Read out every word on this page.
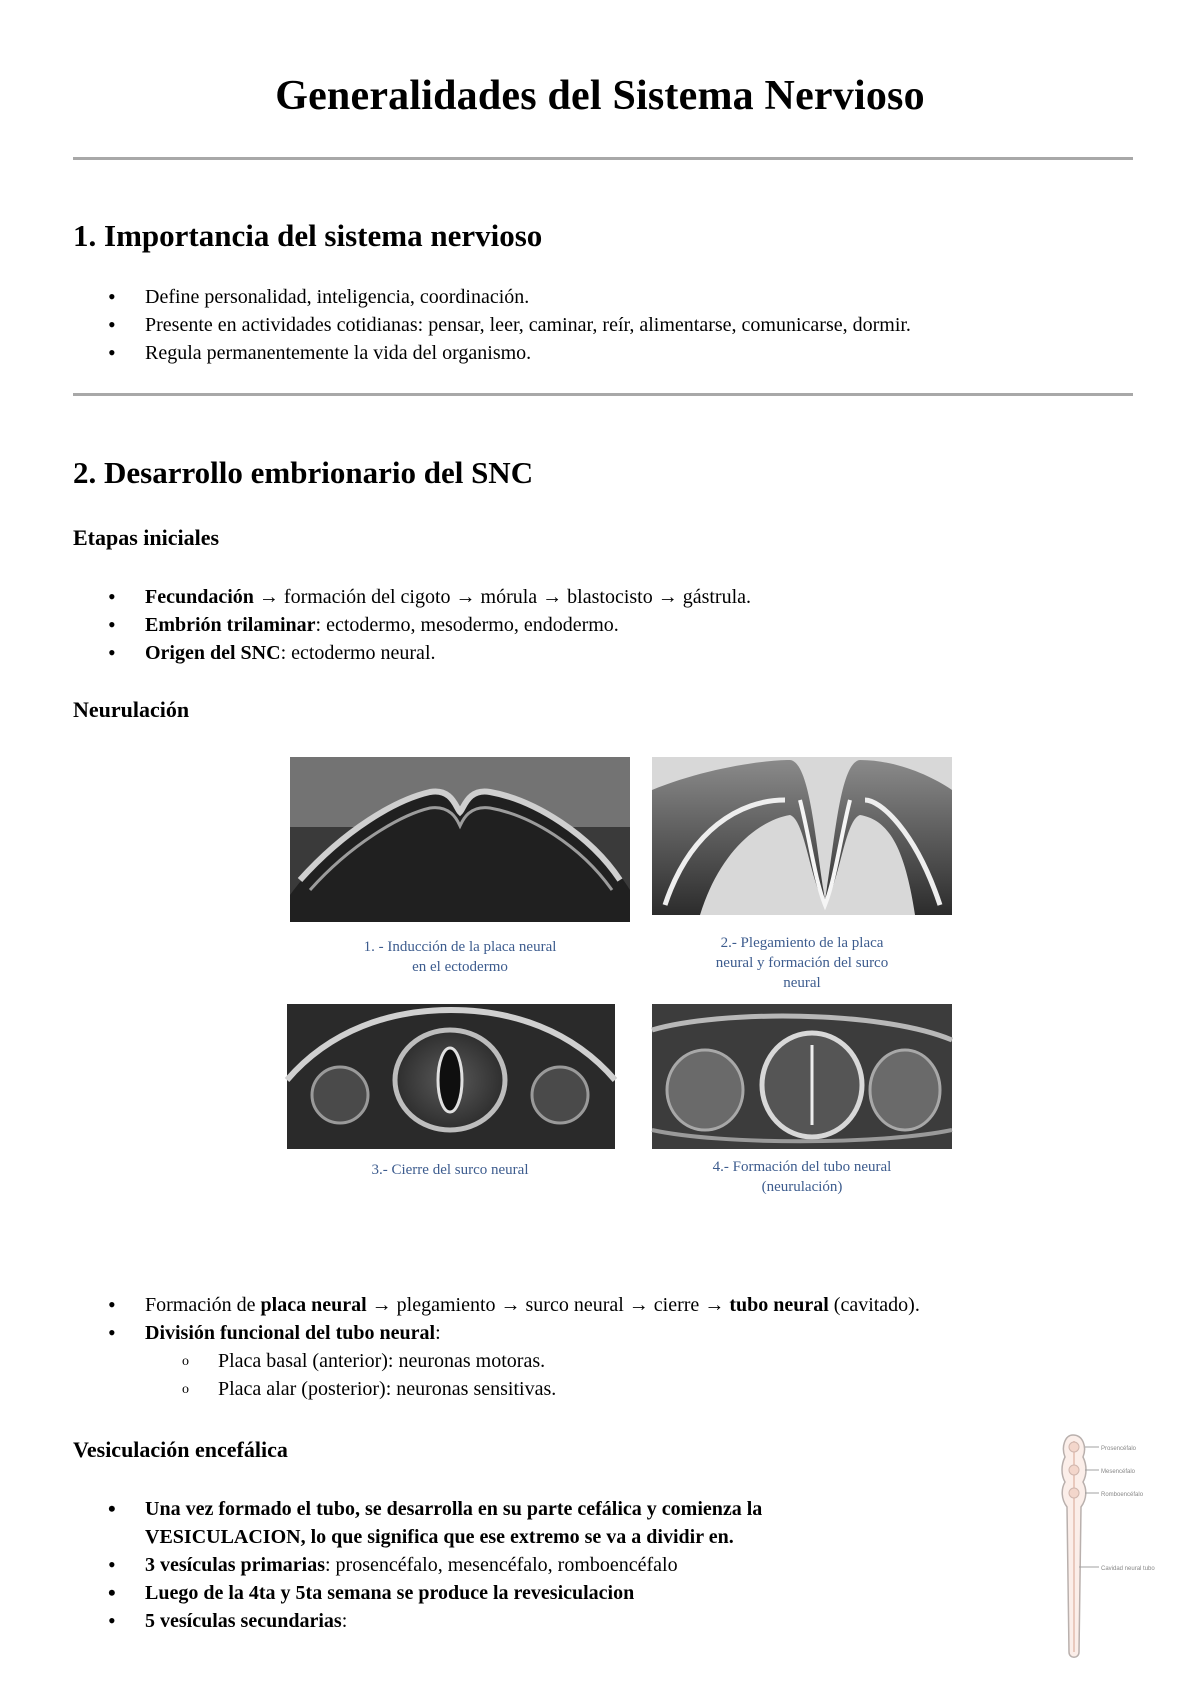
Generalidades del Sistema Nervioso
1. Importancia del sistema nervioso
• Define personalidad, inteligencia, coordinación.
• Presente en actividades cotidianas: pensar, leer, caminar, reír, alimentarse, comunicarse, dormir.
• Regula permanentemente la vida del organismo.
2. Desarrollo embrionario del SNC
Etapas iniciales
• Fecundación → formación del cigoto → mórula → blastocisto → gástrula.
• Embrión trilaminar: ectodermo, mesodermo, endodermo.
• Origen del SNC: ectodermo neural.
Neurulación
1. - Inducción de la placa neural
en el ectodermo
2.- Plegamiento de la placa
neural y formación del surco
neural
3.- Cierre del surco neural	4.- Formación del tubo neural
(neurulación)
• Formación de placa neural → plegamiento → surco neural → cierre → tubo neural (cavitado).
• División funcional del tubo neural:
o Placa basal (anterior): neuronas motoras.
o Placa alar (posterior): neuronas sensitivas.
Vesiculación encefálica
• Una vez formado el tubo, se desarrolla en su parte cefálica y comienza la
VESICULACION, lo que significa que ese extremo se va a dividir en.
• 3 vesículas primarias: prosencéfalo, mesencéfalo, romboencéfalo
• Luego de la 4ta y 5ta semana se produce la revesiculacion
• 5 vesículas secundarias:
Prosencéfalo
Mesencéfalo
Romboencéfalo
Cavidad neural tubo
